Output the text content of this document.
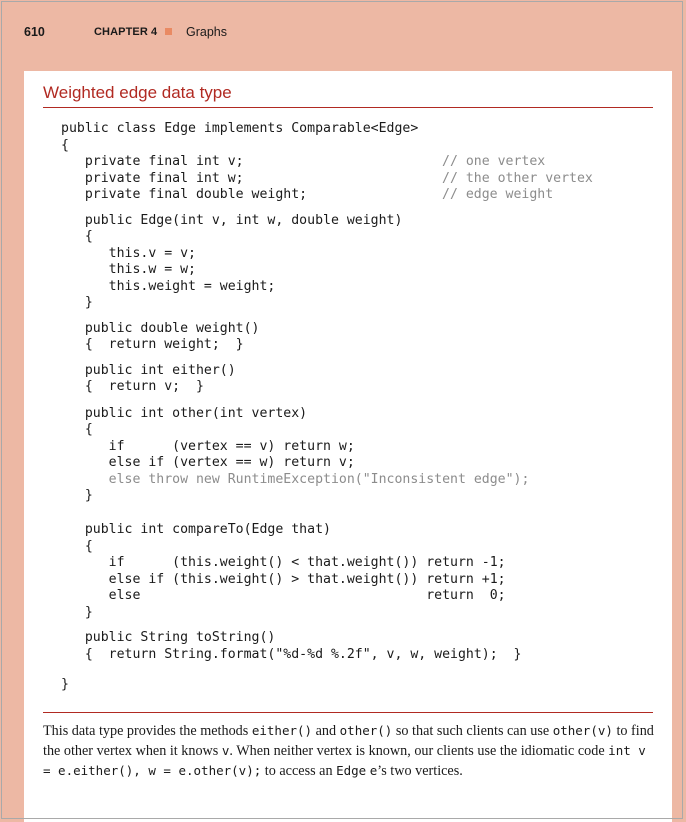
610	CHAPTER 4 Graphs
Weighted edge data type
public class Edge implements Comparable<Edge>
{
private final int v;	// one vertex
private final int w;	// the other vertex
private final double weight;	// edge weight
public Edge(int v, int w, double weight)
{
this.v = v;
this.w = w;
this.weight = weight;
}
public double weight()
{  return weight;  }
public int either()
{  return v;  }
public int other(int vertex)
{
if      (vertex == v) return w;
else if (vertex == w) return v;
else throw new RuntimeException("Inconsistent edge");
}
public int compareTo(Edge that)
{
if      (this.weight() < that.weight()) return -1;
else if (this.weight() > that.weight()) return +1;
else                                    return  0;
}
public String toString()
{  return String.format("%d-%d %.2f", v, w, weight);  }
}
This data type provides the methods either() and other() so that such clients can use other(v) to find the other vertex when it knows v. When neither vertex is known, our clients use the idiomatic code int v = e.either(), w = e.other(v); to access an Edge e’s two vertices.
